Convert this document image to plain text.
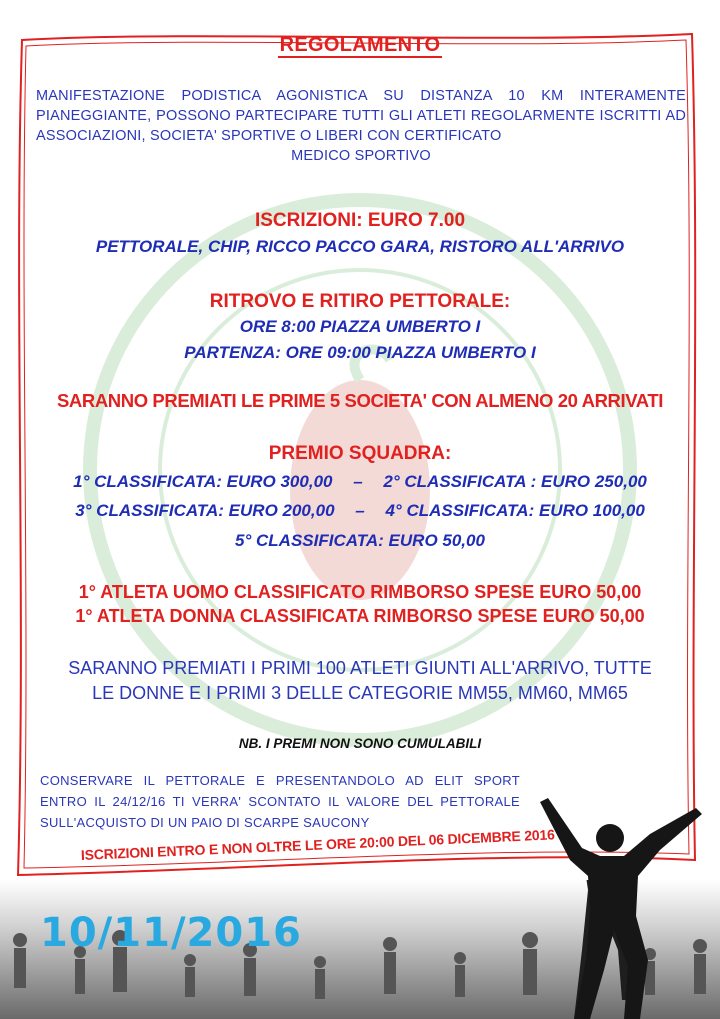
REGOLAMENTO
MANIFESTAZIONE PODISTICA AGONISTICA SU DISTANZA 10 KM INTERAMENTE PIANEGGIANTE, POSSONO PARTECIPARE TUTTI GLI ATLETI REGOLARMENTE ISCRITTI AD ASSOCIAZIONI, SOCIETA' SPORTIVE O LIBERI CON CERTIFICATO
MEDICO SPORTIVO
ISCRIZIONI: EURO 7.00
PETTORALE, CHIP, RICCO PACCO GARA, RISTORO ALL'ARRIVO
RITROVO E RITIRO PETTORALE:
ORE 8:00 PIAZZA UMBERTO I
PARTENZA: ORE 09:00 PIAZZA UMBERTO I
SARANNO PREMIATI LE PRIME 5 SOCIETA' CON ALMENO 20 ARRIVATI
PREMIO SQUADRA:
1° CLASSIFICATA: EURO 300,00 – 2° CLASSIFICATA : EURO 250,00
3° CLASSIFICATA: EURO 200,00 – 4° CLASSIFICATA: EURO 100,00
5° CLASSIFICATA: EURO 50,00
1° ATLETA UOMO CLASSIFICATO RIMBORSO SPESE EURO 50,00
1° ATLETA DONNA CLASSIFICATA RIMBORSO SPESE EURO 50,00
SARANNO PREMIATI I PRIMI 100 ATLETI GIUNTI ALL'ARRIVO, TUTTE
LE DONNE E I PRIMI 3 DELLE CATEGORIE MM55, MM60, MM65
NB. I PREMI NON SONO CUMULABILI
CONSERVARE IL PETTORALE E PRESENTANDOLO AD ELIT SPORT ENTRO IL 24/12/16 TI VERRA' SCONTATO IL VALORE DEL PETTORALE SULL'ACQUISTO DI UN PAIO DI SCARPE SAUCONY
ISCRIZIONI ENTRO E NON OLTRE LE ORE 20:00 DEL 06 DICEMBRE 2016
10/11/2016
